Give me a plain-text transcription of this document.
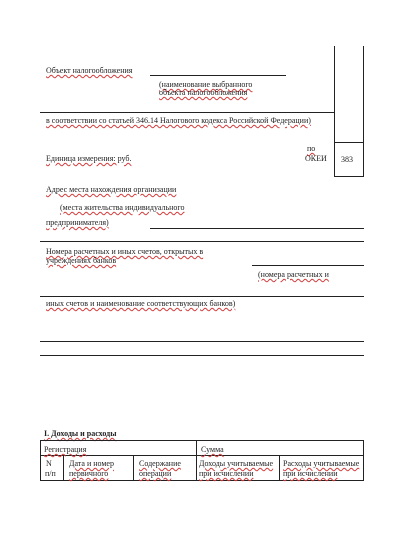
Объект налогообложения
(наименование выбранного
объекта налогообложения
в соответствии со статьей 346.14 Налогового кодекса Российской Федерации)
Единица измерения: руб.
по
ОКЕИ 383
Адрес места нахождения организации
(места жительства индивидуального
предпринимателя)
Номера расчетных и иных счетов, открытых в
учреждениях банков
(номера расчетных и
иных счетов и наименование соответствующих банков)
I. Доходы и расходы
Регистрация	Сумма
N
п/п
Дата и номер
первичного
Содержание
операции
Доходы учитываемые
при исчислении
Расходы учитываемые
при исчислении
